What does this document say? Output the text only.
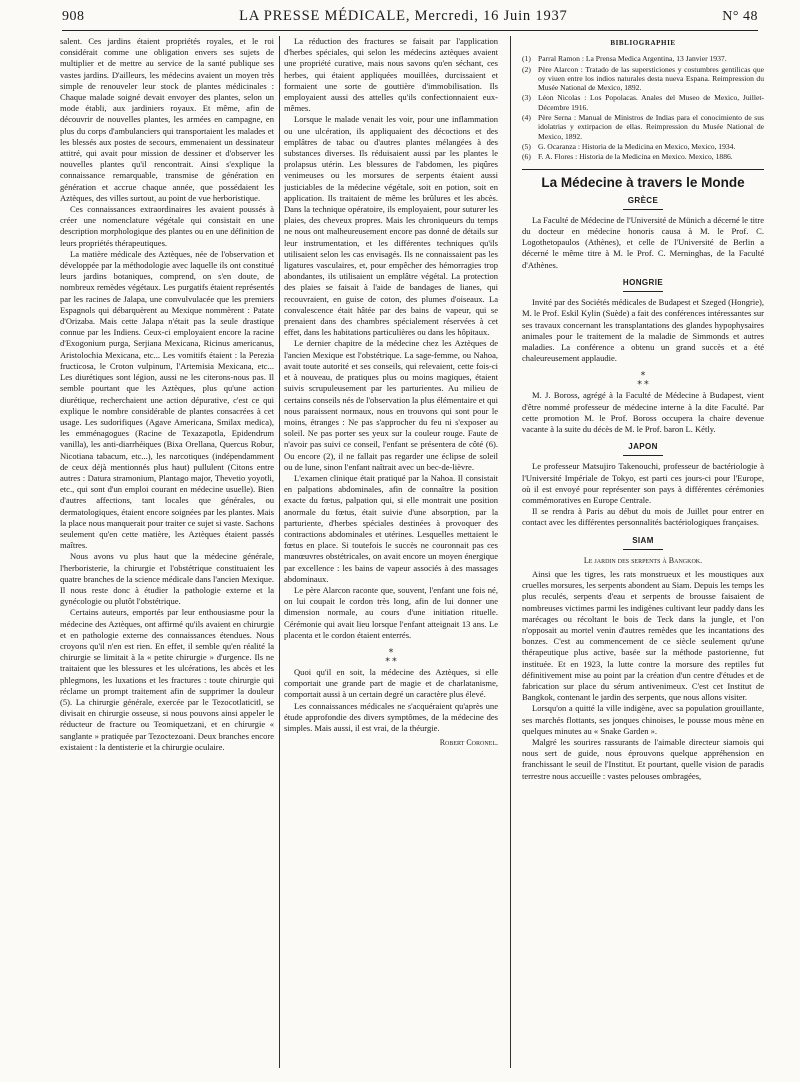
908	LA PRESSE MÉDICALE, Mercredi, 16 Juin 1937	N° 48

salent. Ces jardins étaient propriétés royales, et le roi considérait comme une obligation envers ses sujets de multiplier et de mettre au service de la santé publique ses vastes jardins. D'ailleurs, les médecins avaient un moyen très simple de renouveler leur stock de plantes médicinales : Chaque malade soigné devait envoyer des plantes, selon un mode établi, aux jardiniers royaux. Et même, afin de découvrir de nouvelles plantes, les armées en campagne, en plus du corps d'ambulanciers qui transportaient les malades et les blessés aux postes de secours, emmenaient un dessinateur attitré, qui avait pour mission de dessiner et d'observer les nouvelles plantes qu'il rencontrait. Ainsi s'explique la connaissance remarquable, transmise de génération en génération et accrue chaque année, que possédaient les Aztèques, des villes surtout, au point de vue herboristique.

Ces connaissances extraordinaires les avaient poussés à créer une nomenclature végétale qui consistait en une description morphologique des plantes ou en une définition de leurs propriétés thérapeutiques.

La matière médicale des Aztèques, née de l'observation et développée par la méthodologie avec laquelle ils ont constitué leurs jardins botaniques, comprend, on s'en doute, de nombreux remèdes végétaux. Les purgatifs étaient représentés par les racines de Jalapa, une convulvulacée que les premiers Espagnols qui débarquèrent au Mexique nommèrent : Patate d'Orizaba. Mais cette Jalapa n'était pas la seule drastique connue par les Indiens. Ceux-ci employaient encore la racine d'Exogonium purga, Serjiana Mexicana, Ricinus americanus, Aristolochia Mexicana, etc... Les vomitifs étaient : la Perezia fructicosa, le Croton vulpinum, l'Artemisia Mexicana, etc... Les diurétiques sont légion, aussi ne les citerons-nous pas. Il semble pourtant que les Aztèques, plus qu'une action diurétique, recherchaient une action dépurative, c'est ce qui explique le nombre considérable de plantes consacrées à cet usage. Les sudorifiques (Agave Americana, Smilax medica), les emménagogues (Racine de Texazapotla, Epidendrum vanilla), les anti-diarrhéiques (Bixa Orellana, Quercus Robur, Nicotiana tabacum, etc...), les narcotiques (indépendamment de ceux déjà mentionnés plus haut) pullulent (Citons entre autres : Datura stramonium, Plantago major, Thevetio yoyotli, etc., qui sont d'un emploi courant en médecine usuelle). Bien d'autres affections, tant locales que générales, ou dermatologiques, étaient encore soignées par les plantes. Mais la place nous manquerait pour traiter ce sujet si vaste. Sachons seulement qu'en cette matière, les Aztèques étaient passés maîtres.

Nous avons vu plus haut que la médecine générale, l'herboristerie, la chirurgie et l'obstétrique constituaient les quatre branches de la science médicale dans l'ancien Mexique. Il nous reste donc à étudier la pathologie externe et la gynécologie ou plutôt l'obstétrique.

Certains auteurs, emportés par leur enthousiasme pour la médecine des Aztèques, ont affirmé qu'ils avaient en chirurgie et en pathologie externe des connaissances étendues. Nous croyons qu'il n'en est rien. En effet, il semble qu'en réalité la chirurgie se limitait à la « petite chirurgie » d'urgence. Ils ne traitaient que les blessures et les ulcérations, les abcès et les phlegmons, les luxations et les fractures : toute chirurgie qui réclame un prompt traitement afin de supprimer la douleur (5). La chirurgie générale, exercée par le Tezocotlaticitl, se divisait en chirurgie osseuse, si nous pouvons ainsi appeler le réducteur de fracture ou Teomiquetzani, et en chirurgie « sanglante » pratiquée par Tezoctezoani. Deux branches encore existaient : la dentisterie et la chirurgie oculaire.

La réduction des fractures se faisait par l'application d'herbes spéciales, qui selon les médecins aztèques avaient une propriété curative, mais nous savons qu'en séchant, ces herbes, qui étaient appliquées mouillées, durcissaient et formaient une sorte de gouttière d'immobilisation. Ils employaient aussi des attelles qu'ils confectionnaient eux-mêmes.

Lorsque le malade venait les voir, pour une inflammation ou une ulcération, ils appliquaient des décoctions et des emplâtres de tabac ou d'autres plantes mélangées à des substances diverses. Ils réduisaient aussi par les plantes le prolapsus utérin. Les blessures de l'abdomen, les piqûres venimeuses ou les morsures de serpents étaient aussi justiciables de la médecine végétale, soit en potion, soit en application. Ils traitaient de même les brûlures et les abcès. Dans la technique opératoire, ils employaient, pour suturer les plaies, des cheveux propres. Mais les chroniqueurs du temps ne nous ont malheureusement encore pas donné de détails sur leur instrumentation, et les différentes techniques qu'ils utilisaient selon les cas envisagés. Ils ne connaissaient pas les ligatures vasculaires, et, pour empêcher des hémorragies trop abondantes, ils utilisaient un emplâtre végétal. La protection des plaies se faisait à l'aide de bandages de lianes, qui recouvraient, en guise de coton, des plumes d'oiseaux. La convalescence était hâtée par des bains de vapeur, qui se prenaient dans des chambres spécialement réservées à cet effet, dans les habitations particulières ou dans les hôpitaux.

Le dernier chapitre de la médecine chez les Aztèques de l'ancien Mexique est l'obstétrique. La sage-femme, ou Nahoa, avait toute autorité et ses conseils, qui relevaient, cette fois-ci et à nouveau, de pratiques plus ou moins magiques, étaient suivis scrupuleusement par les parturientes. Au milieu de certains conseils nés de l'observation la plus élémentaire et qui nous paraissent normaux, nous en trouvons qui sont pour le moins, étranges : Ne pas s'approcher du feu ni s'exposer au soleil. Ne pas porter ses yeux sur la couleur rouge. Faute de n'avoir pas suivi ce conseil, l'enfant se présentera de côté (6). Ou encore (2), il ne fallait pas regarder une éclipse de soleil ou de lune, sinon l'enfant naîtrait avec un bec-de-lièvre.

L'examen clinique était pratiqué par la Nahoa. Il consistait en palpations abdominales, afin de connaître la position exacte du fœtus, palpation qui, si elle montrait une position anormale du fœtus, était suivie d'une absorption, par la parturiente, d'herbes spéciales destinées à provoquer des contractions abdominales et utérines. Lesquelles mettaient le fœtus en place. Si toutefois le succès ne couronnait pas ces manœuvres obstétricales, on avait encore un moyen énergique par excellence : les bains de vapeur associés à des massages abdominaux.

Le père Alarcon raconte que, souvent, l'enfant une fois né, on lui coupait le cordon très long, afin de lui donner une dimension normale, au cours d'une initiation rituelle. Cérémonie qui avait lieu lorsque l'enfant atteignait 13 ans. Le placenta et le cordon étaient enterrés.

⁎
⁎ ⁎

Quoi qu'il en soit, la médecine des Aztèques, si elle comportait une grande part de magie et de charlatanisme, comportait aussi à un certain degré un caractère plus élevé.

Les connaissances médicales ne s'acquéraient qu'après une étude approfondie des divers symptômes, de la médecine des simples. Mais aussi, il est vrai, de la théurgie.

Robert Coronel.
BIBLIOGRAPHIE
(1) Parral Ramon : La Prensa Medica Argentina, 13 Janvier 1937.
(2) Père Alarcon : Tratado de las supersticiones y costumbres gentilicas que oy viuen entre los indios naturales desta nueva Espana. Reimpression du Musée National de Mexico, 1892.
(3) Léon Nicolas : Los Popolacas. Anales del Museo de Mexico, Juillet-Décembre 1916.
(4) Père Serna : Manual de Ministros de Indias para el conocimiento de sus idolatrias y extirpacion de ellas. Reimpression du Musée National de Mexico, 1892.
(5) G. Ocaranza : Historia de la Medicina en Mexico, Mexico, 1934.
(6) F. A. Flores : Historia de la Medicina en Mexico. Mexico, 1886.
La Médecine à travers le Monde
GRÈCE

La Faculté de Médecine de l'Université de Münich a décerné le titre du docteur en médecine honoris causa à M. le Prof. C. Logothetopaulos (Athènes), et celle de l'Université de Berlin a décerné le même titre à M. le Prof. C. Merninghas, de la Faculté d'Athènes.

HONGRIE

Invité par des Sociétés médicales de Budapest et Szeged (Hongrie), M. le Prof. Eskil Kylin (Suède) a fait des conférences intéressantes sur ses travaux concernant les transplantations des glandes hypophysaires animales pour le traitement de la maladie de Simmonds et autres maladies. La conférence a obtenu un grand succès et a été chaleureusement applaudie.

⁎
⁎ ⁎

M. J. Boross, agrégé à la Faculté de Médecine à Budapest, vient d'être nommé professeur de médecine interne à la dite Faculté. Par cette promotion M. le Prof. Boross occupera la chaire devenue vacante à la suite du décès de M. le Prof. baron L. Kétly.

JAPON

Le professeur Matsujiro Takenouchi, professeur de bactériologie à l'Université Impériale de Tokyo, est parti ces jours-ci pour l'Europe, où il est envoyé pour représenter son pays à différentes cérémonies commémoratives en Europe Centrale.

Il se rendra à Paris au début du mois de Juillet pour entrer en contact avec les différentes personnalités bactériologiques françaises.

SIAM
Le jardin des serpents à Bangkok.

Ainsi que les tigres, les rats monstrueux et les moustiques aux cruelles morsures, les serpents abondent au Siam. Depuis les temps les plus reculés, serpents d'eau et serpents de brousse faisaient de nombreuses victimes parmi les indigènes cultivant leur paddy dans les marécages ou récoltant le bois de Teck dans la jungle, et l'on n'opposait au mortel venin d'autres remèdes que les incantations des bonzes. C'est au commencement de ce siècle seulement qu'une thérapeutique plus active, basée sur la méthode pastorienne, fut instituée. Et en 1923, la lutte contre la morsure des reptiles fut définitivement mise au point par la création d'un centre d'études et de fabrication sur place du sérum antivenimeux. C'est cet Institut de Bangkok, contenant le jardin des serpents, que nous allons visiter.

Lorsqu'on a quitté la ville indigène, avec sa population grouillante, ses marchés flottants, ses jonques chinoises, le pousse mous mène en quelques minutes au « Snake Garden ».

Malgré les sourires rassurants de l'aimable directeur siamois qui nous sert de guide, nous éprouvons quelque appréhension en franchissant le seuil de l'Institut. Et pourtant, quelle vision de paradis terrestre nous accueille : vastes pelouses ombragées,
